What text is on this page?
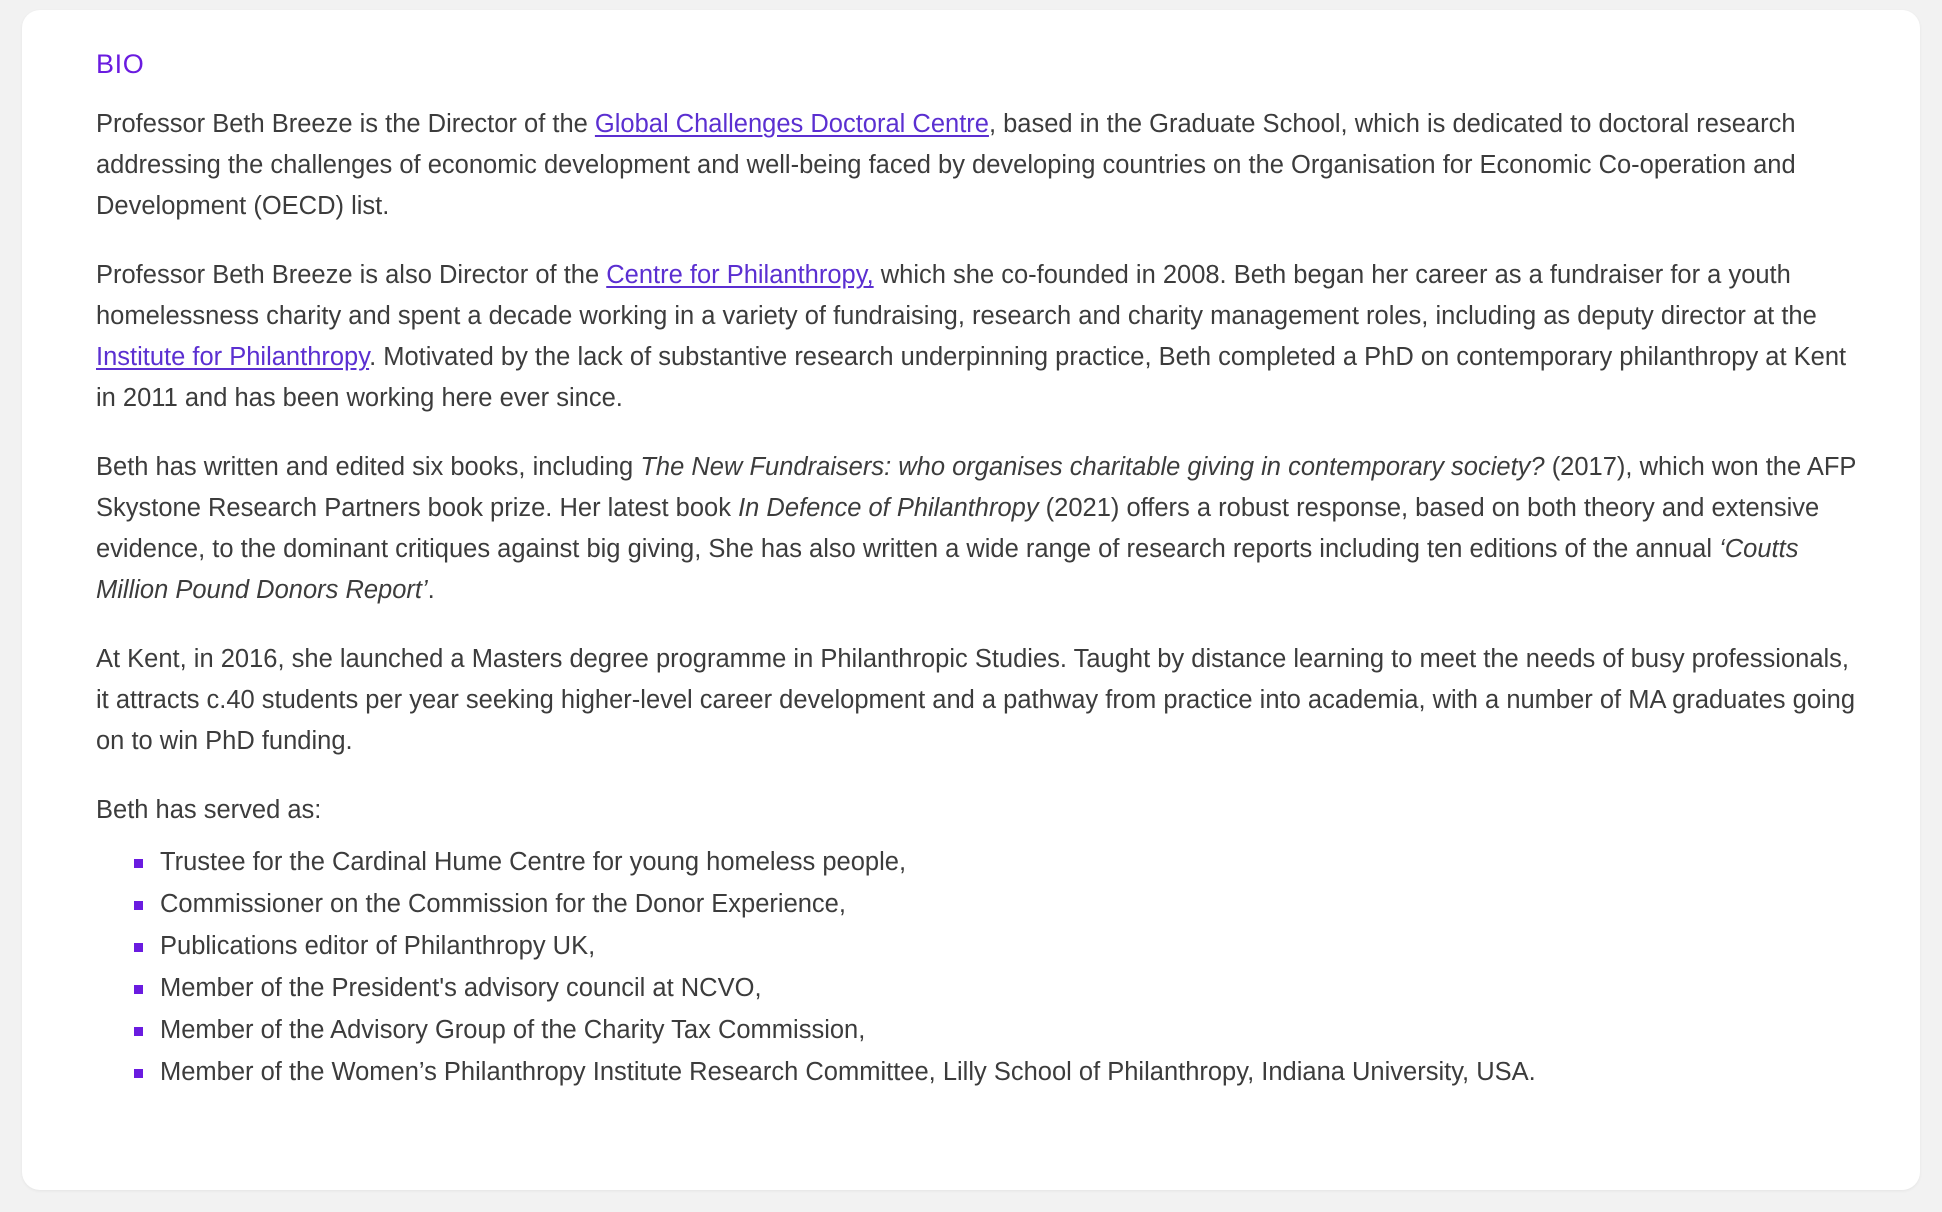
BIO

Professor Beth Breeze is the Director of the Global Challenges Doctoral Centre, based in the Graduate School, which is dedicated to doctoral research addressing the challenges of economic development and well-being faced by developing countries on the Organisation for Economic Co-operation and Development (OECD) list.

Professor Beth Breeze is also Director of the Centre for Philanthropy, which she co-founded in 2008. Beth began her career as a fundraiser for a youth homelessness charity and spent a decade working in a variety of fundraising, research and charity management roles, including as deputy director at the Institute for Philanthropy. Motivated by the lack of substantive research underpinning practice, Beth completed a PhD on contemporary philanthropy at Kent in 2011 and has been working here ever since.

Beth has written and edited six books, including The New Fundraisers: who organises charitable giving in contemporary society? (2017), which won the AFP Skystone Research Partners book prize. Her latest book In Defence of Philanthropy (2021) offers a robust response, based on both theory and extensive evidence, to the dominant critiques against big giving, She has also written a wide range of research reports including ten editions of the annual ‘Coutts Million Pound Donors Report’.

At Kent, in 2016, she launched a Masters degree programme in Philanthropic Studies. Taught by distance learning to meet the needs of busy professionals, it attracts c.40 students per year seeking higher-level career development and a pathway from practice into academia, with a number of MA graduates going on to win PhD funding.

Beth has served as:

Trustee for the Cardinal Hume Centre for young homeless people,
Commissioner on the Commission for the Donor Experience,
Publications editor of Philanthropy UK,
Member of the President's advisory council at NCVO,
Member of the Advisory Group of the Charity Tax Commission,
Member of the Women’s Philanthropy Institute Research Committee, Lilly School of Philanthropy, Indiana University, USA.
